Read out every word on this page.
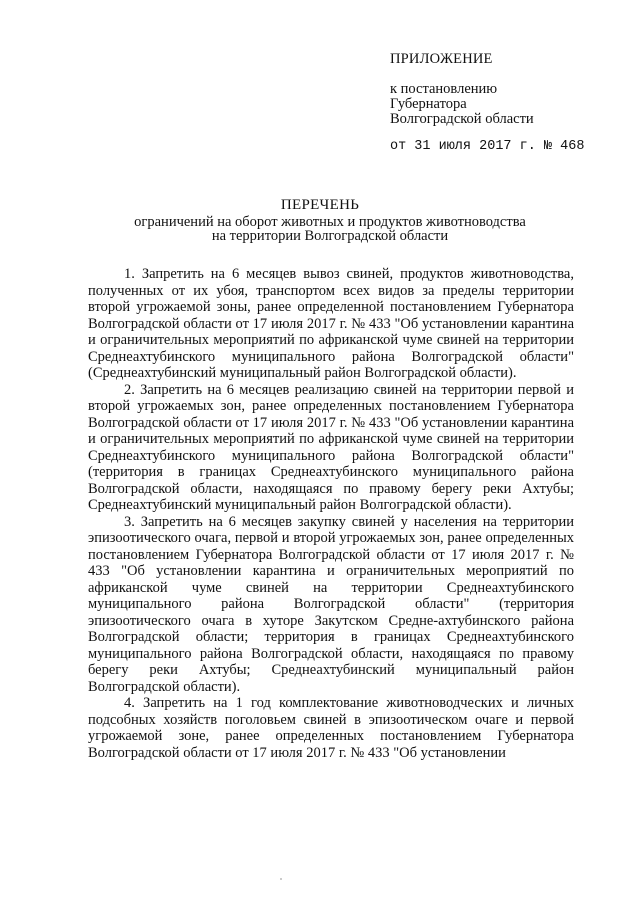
ПРИЛОЖЕНИЕ
к постановлению
Губернатора
Волгоградской области
от 31 июля 2017 г. № 468
ПЕРЕЧЕНЬ
ограничений на оборот животных и продуктов животноводства
на территории Волгоградской области

1. Запретить на 6 месяцев вывоз свиней, продуктов животноводства, полученных от их убоя, транспортом всех видов за пределы территории второй угрожаемой зоны, ранее определенной постановлением Губернатора Волгоградской области от 17 июля 2017 г. № 433 "Об установлении карантина и ограничительных мероприятий по африканской чуме свиней на территории Среднеахтубинского муниципального района Волгоградской области" (Среднеахтубинский муниципальный район Волгоградской области).

2. Запретить на 6 месяцев реализацию свиней на территории первой и второй угрожаемых зон, ранее определенных постановлением Губернатора Волгоградской области от 17 июля 2017 г. № 433 "Об установлении карантина и ограничительных мероприятий по африканской чуме свиней на территории Среднеахтубинского муниципального района Волгоградской области" (территория в границах Среднеахтубинского муниципального района Волгоградской области, находящаяся по правому берегу реки Ахтубы; Среднеахтубинский муниципальный район Волгоградской области).

3. Запретить на 6 месяцев закупку свиней у населения на территории эпизоотического очага, первой и второй угрожаемых зон, ранее определенных постановлением Губернатора Волгоградской области от 17 июля 2017 г. № 433 "Об установлении карантина и ограничительных мероприятий по африканской чуме свиней на территории Среднеахтубинского муниципального района Волгоградской области" (территория эпизоотического очага в хуторе Закутском Средне-ахтубинского района Волгоградской области; территория в границах Среднеахтубинского муниципального района Волгоградской области, находящаяся по правому берегу реки Ахтубы; Среднеахтубинский муниципальный район Волгоградской области).

4. Запретить на 1 год комплектование животноводческих и личных подсобных хозяйств поголовьем свиней в эпизоотическом очаге и первой угрожаемой зоне, ранее определенных постановлением Губернатора Волгоградской области от 17 июля 2017 г. № 433 "Об установлении
